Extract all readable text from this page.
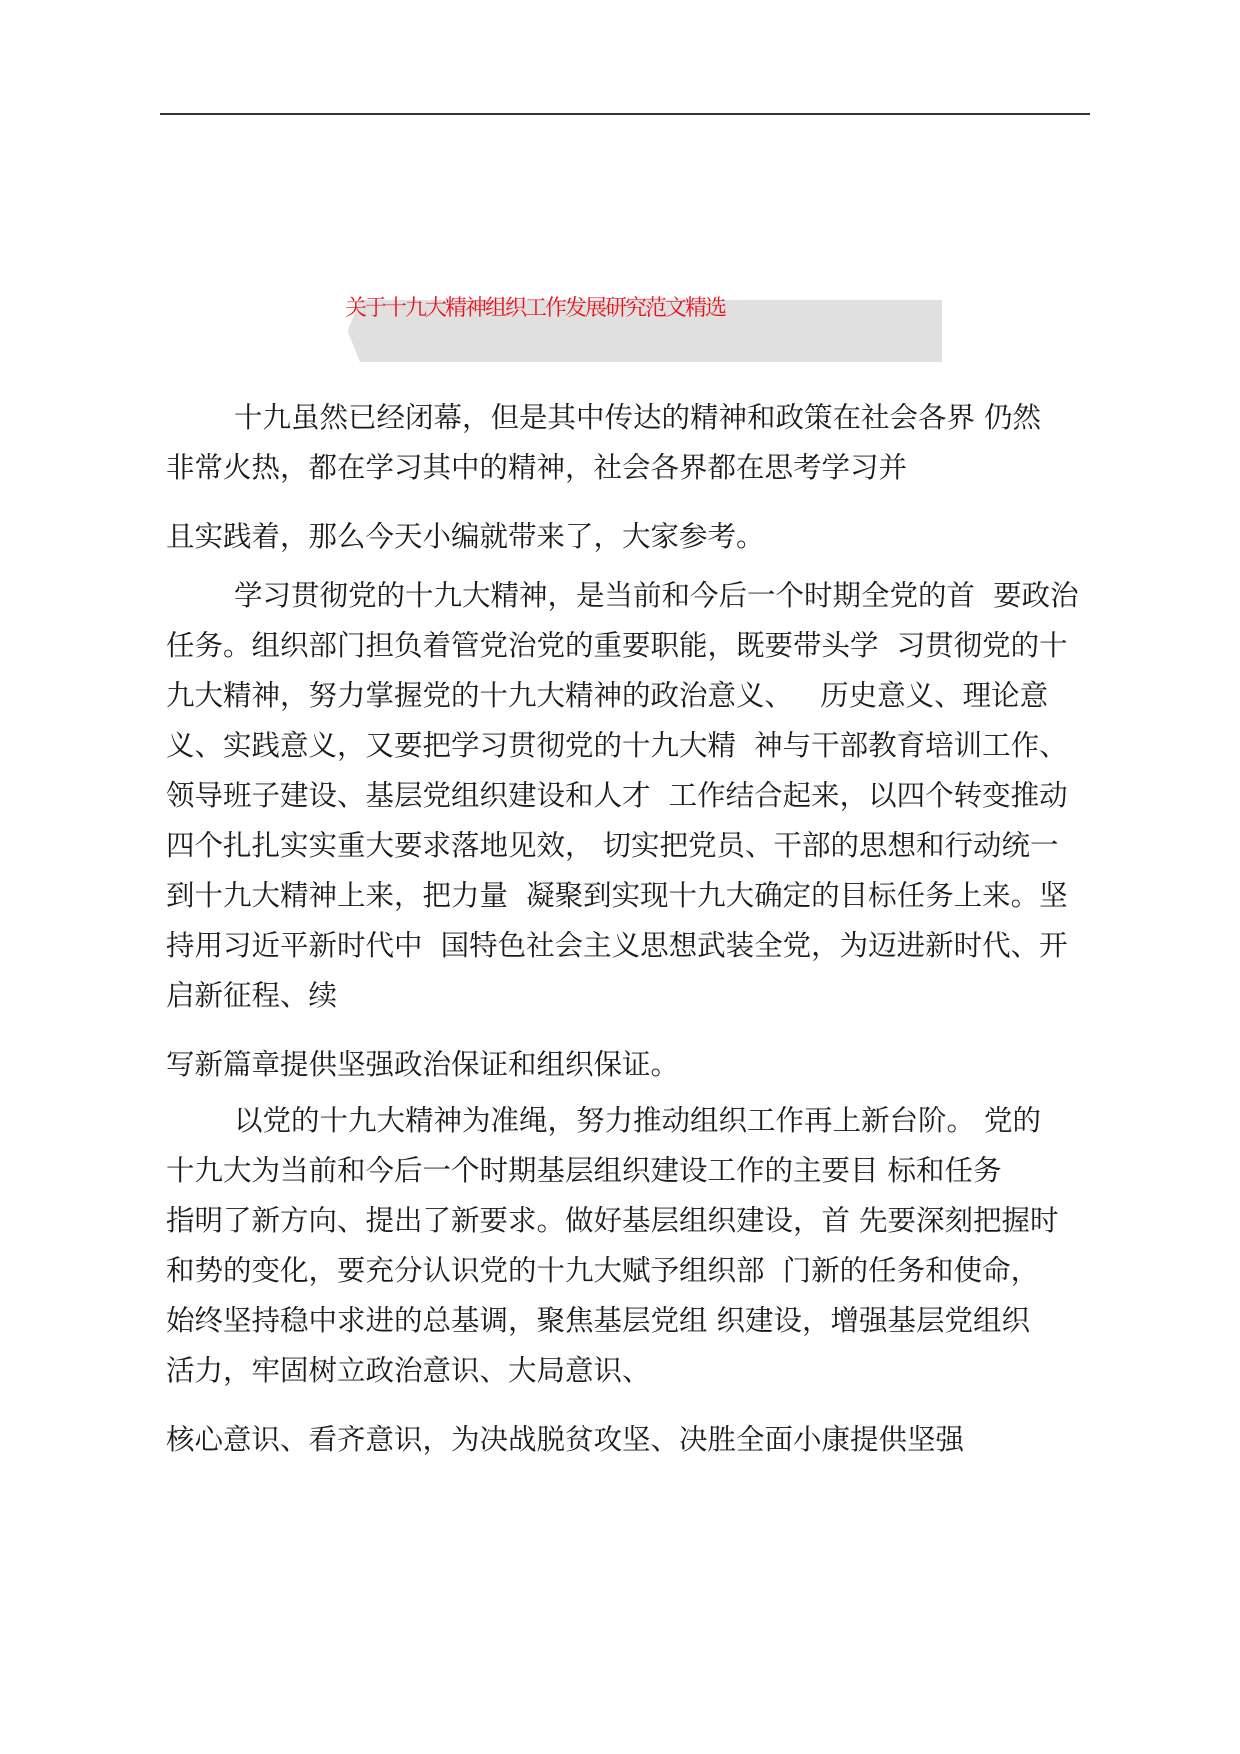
关于十九大精神组织工作发展研究范文精选
十九虽然已经闭幕，但是其中传达的精神和政策在社会各界 仍然
非常火热，都在学习其中的精神，社会各界都在思考学习并
且实践着，那么今天小编就带来了，大家参考。
学习贯彻党的十九大精神，是当前和今后一个时期全党的首  要政治
任务。组织部门担负着管党治党的重要职能，既要带头学  习贯彻党的十
九大精神，努力掌握党的十九大精神的政治意义、   历史意义、理论意
义、实践意义，又要把学习贯彻党的十九大精  神与干部教育培训工作、
领导班子建设、基层党组织建设和人才  工作结合起来，以四个转变推动
四个扎扎实实重大要求落地见效， 切实把党员、干部的思想和行动统一
到十九大精神上来，把力量  凝聚到实现十九大确定的目标任务上来。坚
持用习近平新时代中  国特色社会主义思想武装全党，为迈进新时代、开
启新征程、续
写新篇章提供坚强政治保证和组织保证。
以党的十九大精神为准绳，努力推动组织工作再上新台阶。 党的
十九大为当前和今后一个时期基层组织建设工作的主要目 标和任务
指明了新方向、提出了新要求。做好基层组织建设，首 先要深刻把握时
和势的变化，要充分认识党的十九大赋予组织部  门新的任务和使命，
始终坚持稳中求进的总基调，聚焦基层党组 织建设，增强基层党组织
活力，牢固树立政治意识、大局意识、
核心意识、看齐意识，为决战脱贫攻坚、决胜全面小康提供坚强
